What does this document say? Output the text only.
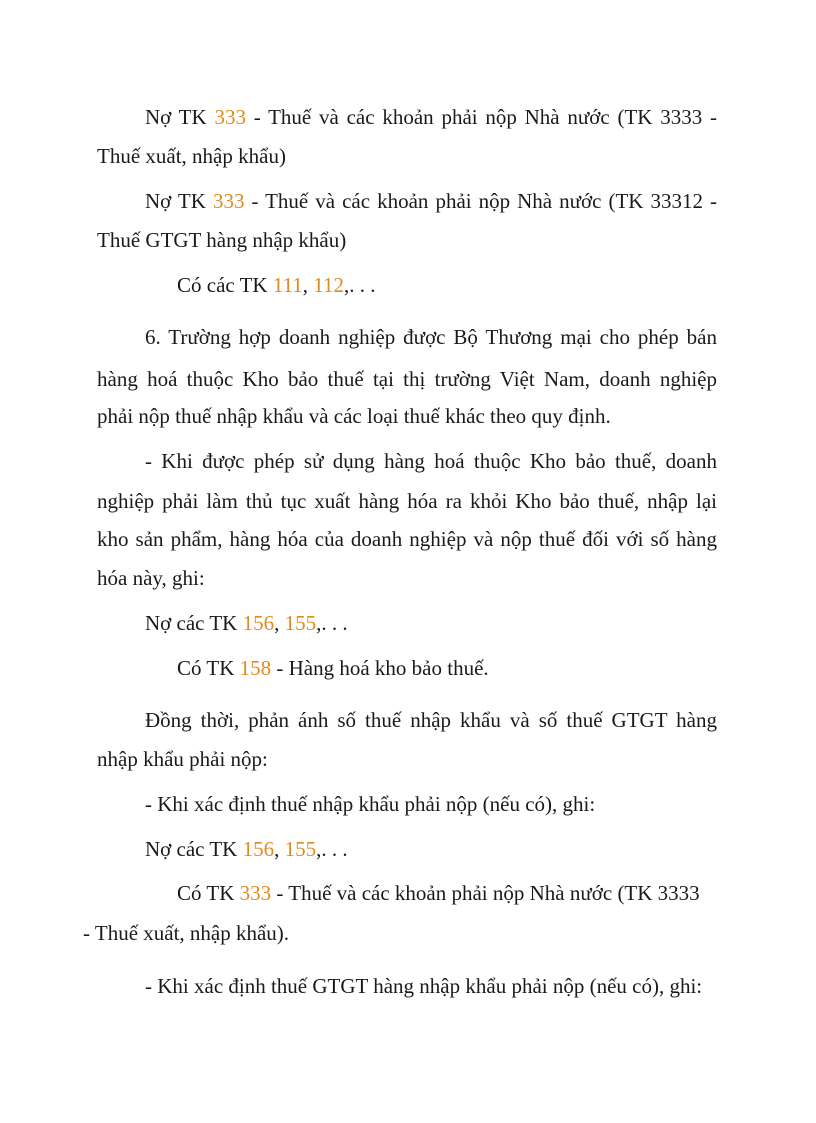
Nợ TK 333 - Thuế và các khoản phải nộp Nhà nước (TK 3333 -
Thuế xuất, nhập khẩu)
Nợ TK 333 - Thuế và các khoản phải nộp Nhà nước (TK 33312 -
Thuế GTGT hàng nhập khẩu)
Có các TK 111, 112,. . .
6. Trường hợp doanh nghiệp được Bộ Thương mại cho phép bán
hàng hoá thuộc Kho bảo thuế tại thị trường Việt Nam, doanh nghiệp
phải nộp thuế nhập khẩu và các loại thuế khác theo quy định.
- Khi được phép sử dụng hàng hoá thuộc Kho bảo thuế, doanh
nghiệp phải làm thủ tục xuất hàng hóa ra khỏi Kho bảo thuế, nhập lại
kho sản phẩm, hàng hóa của doanh nghiệp và nộp thuế đối với số hàng
hóa này, ghi:
Nợ các TK 156, 155,. . .
Có TK 158 - Hàng hoá kho bảo thuế.
Đồng thời, phản ánh số thuế nhập khẩu và số thuế GTGT hàng
nhập khẩu phải nộp:
- Khi xác định thuế nhập khẩu phải nộp (nếu có), ghi:
Nợ các TK 156, 155,. . .
Có TK 333 - Thuế và các khoản phải nộp Nhà nước (TK 3333
- Thuế xuất, nhập khẩu).
- Khi xác định thuế GTGT hàng nhập khẩu phải nộp (nếu có), ghi:
